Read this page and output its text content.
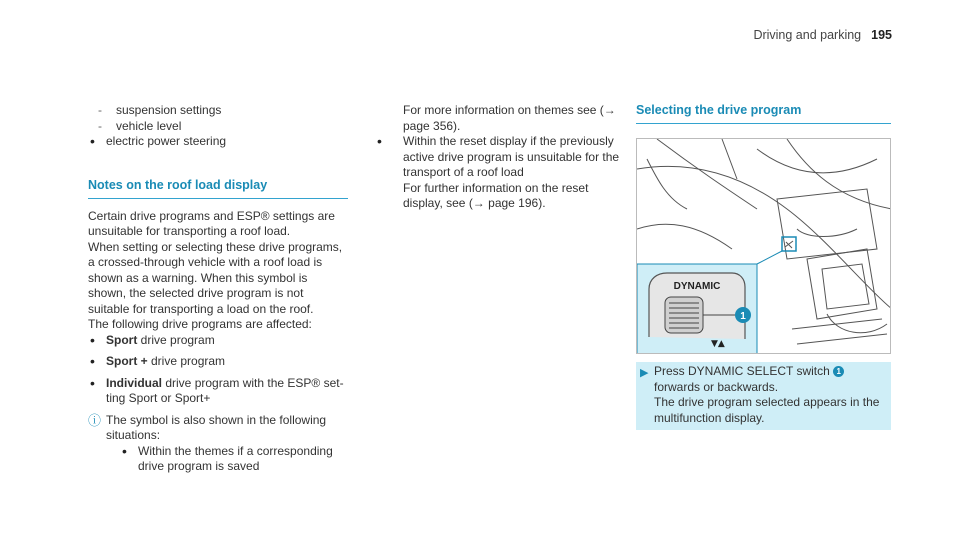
Driving and parking 195
- suspension settings
- vehicle level
• electric power steering
Notes on the roof load display

Certain drive programs and ESP® settings are unsuitable for transporting a roof load.

When setting or selecting these drive programs, a crossed-through vehicle with a roof load is shown as a warning. When this symbol is shown, the selected drive program is not suitable for transporting a load on the roof.

The following drive programs are affected:

• Sport drive program
• Sport + drive program
• Individual drive program with the ESP® set-ting Sport or Sport+
ⓘ The symbol is also shown in the following situations:
• Within the themes if a corresponding drive program is saved

For more information on themes see (→ page 356).

• Within the reset display if the previously active drive program is unsuitable for the transport of a roof load

For further information on the reset display, see (→ page 196).

Selecting the drive program
1
DYNAMIC
▼▲
▶ Press DYNAMIC SELECT switch 1 forwards or backwards.
The drive program selected appears in the multifunction display.
